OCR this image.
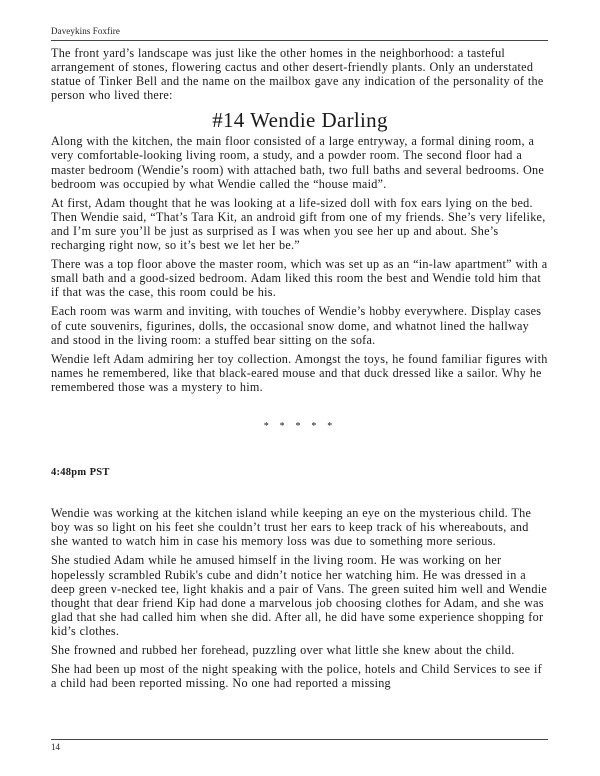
Daveykins Foxfire

The front yard’s landscape was just like the other homes in the neighborhood: a tasteful arrangement of stones, flowering cactus and other desert-friendly plants. Only an understated statue of Tinker Bell and the name on the mailbox gave any indication of the personality of the person who lived there:

#14 Wendie Darling

Along with the kitchen, the main floor consisted of a large entryway, a formal dining room, a very comfortable-looking living room, a study, and a powder room. The second floor had a master bedroom (Wendie’s room) with attached bath, two full baths and several bedrooms. One bedroom was occupied by what Wendie called the “house maid”.

At first, Adam thought that he was looking at a life-sized doll with fox ears lying on the bed. Then Wendie said, “That’s Tara Kit, an android gift from one of my friends. She’s very lifelike, and I’m sure you’ll be just as surprised as I was when you see her up and about. She’s recharging right now, so it’s best we let her be.”

There was a top floor above the master room, which was set up as an “in-law apartment” with a small bath and a good-sized bedroom. Adam liked this room the best and Wendie told him that if that was the case, this room could be his.

Each room was warm and inviting, with touches of Wendie’s hobby everywhere. Display cases of cute souvenirs, figurines, dolls, the occasional snow dome, and whatnot lined the hallway and stood in the living room: a stuffed bear sitting on the sofa.

Wendie left Adam admiring her toy collection. Amongst the toys, he found familiar figures with names he remembered, like that black-eared mouse and that duck dressed like a sailor. Why he remembered those was a mystery to him.

* * * * *
4:48pm PST

Wendie was working at the kitchen island while keeping an eye on the mysterious child. The boy was so light on his feet she couldn’t trust her ears to keep track of his whereabouts, and she wanted to watch him in case his memory loss was due to something more serious.

She studied Adam while he amused himself in the living room. He was working on her hopelessly scrambled Rubik's cube and didn’t notice her watching him. He was dressed in a deep green v-necked tee, light khakis and a pair of Vans. The green suited him well and Wendie thought that dear friend Kip had done a marvelous job choosing clothes for Adam, and she was glad that she had called him when she did. After all, he did have some experience shopping for kid’s clothes.

She frowned and rubbed her forehead, puzzling over what little she knew about the child.

She had been up most of the night speaking with the police, hotels and Child Services to see if a child had been reported missing. No one had reported a missing

14
